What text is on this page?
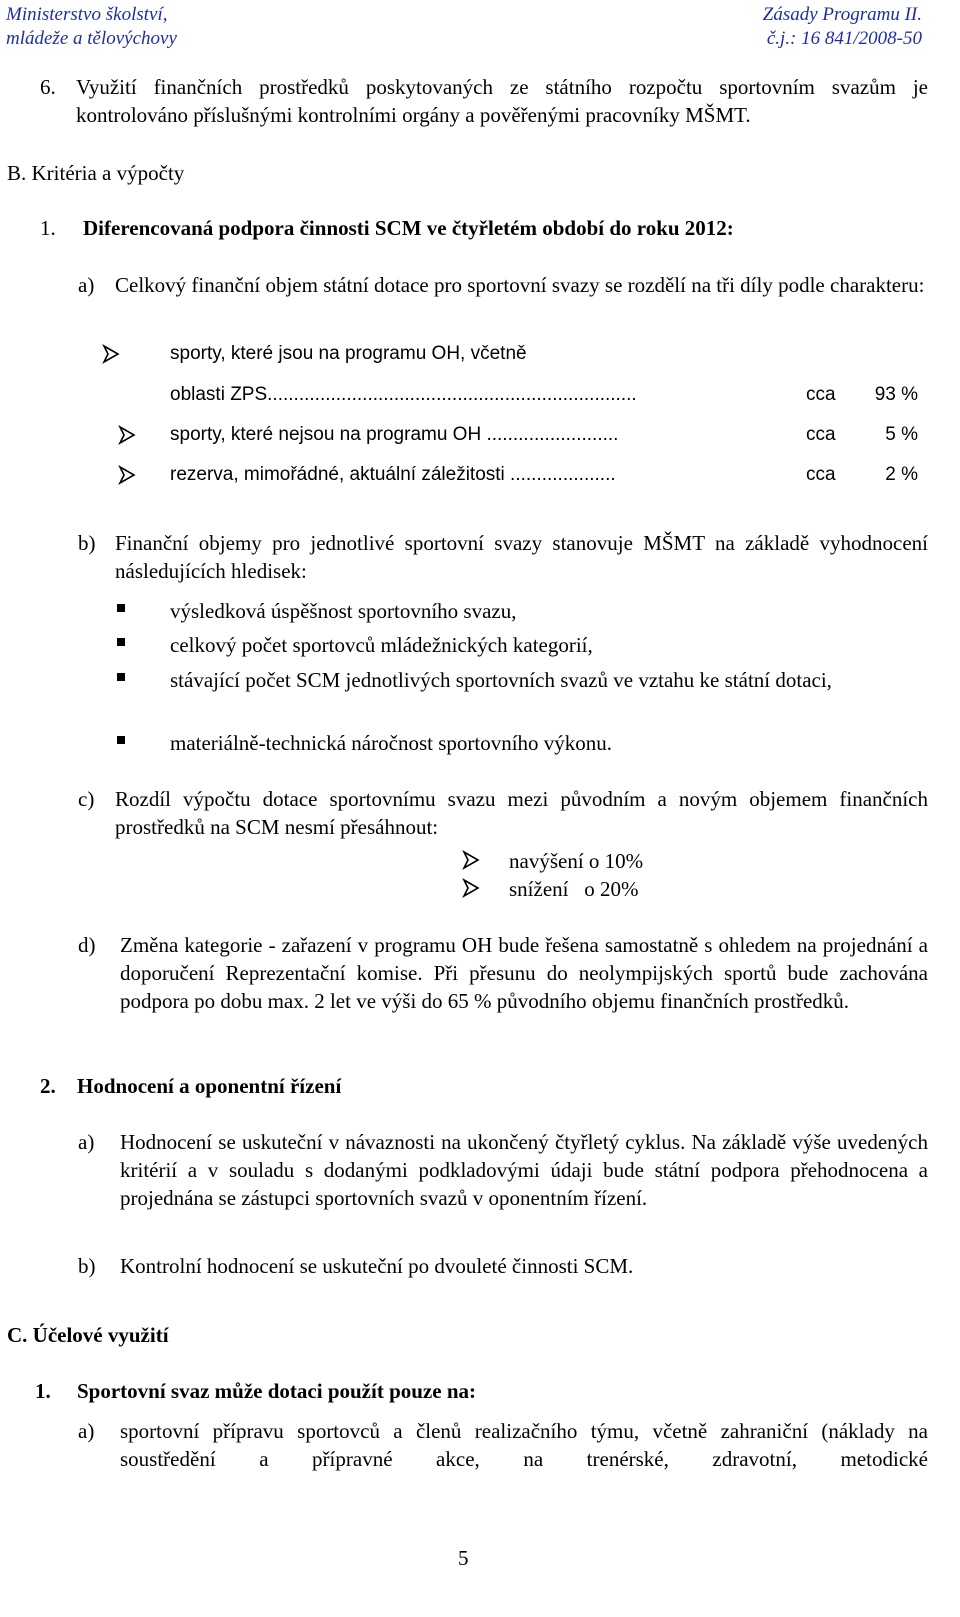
Ministerstvo školství,
mládeže a tělovýchovy
Zásady Programu II.
č.j.: 16 841/2008-50
6. Využití finančních prostředků poskytovaných ze státního rozpočtu sportovním svazům je kontrolováno příslušnými kontrolními orgány a pověřenými pracovníky MŠMT.
B. Kritéria a výpočty
1. Diferencovaná podpora činnosti SCM ve čtyřletém období do roku 2012:
a) Celkový finanční objem státní dotace pro sportovní svazy se rozdělí na tři díly podle charakteru:
sporty, které jsou na programu OH, včetně
oblasti ZPS......................................................................	cca	93 %
sporty, které nejsou na programu OH .........................	cca	5 %
rezerva, mimořádné, aktuální záležitosti ....................	cca	2 %
b) Finanční objemy pro jednotlivé sportovní svazy stanovuje MŠMT na základě vyhodnocení následujících hledisek:
výsledková úspěšnost sportovního svazu,
celkový počet sportovců mládežnických kategorií,
stávající počet SCM jednotlivých sportovních svazů ve vztahu ke státní dotaci,
materiálně-technická náročnost sportovního výkonu.
c) Rozdíl výpočtu dotace sportovnímu svazu mezi původním a novým objemem finančních prostředků na SCM nesmí přesáhnout:
navýšení o 10%
snížení   o 20%
d) Změna kategorie - zařazení v programu OH bude řešena samostatně s ohledem na projednání a doporučení Reprezentační komise. Při přesunu do neolympijských sportů bude zachována podpora po dobu max. 2 let ve výši do 65 % původního objemu finančních prostředků.
2. Hodnocení a oponentní řízení
a) Hodnocení se uskuteční v návaznosti na ukončený čtyřletý cyklus. Na základě výše uvedených kritérií a v souladu s dodanými podkladovými údaji bude státní podpora přehodnocena a projednána se zástupci sportovních svazů v oponentním řízení.
b) Kontrolní hodnocení se uskuteční po dvouleté činnosti SCM.
C. Účelové využití
1. Sportovní svaz může dotaci použít pouze na:
a) sportovní přípravu sportovců a členů realizačního týmu, včetně zahraniční (náklady na soustředění a přípravné akce, na trenérské, zdravotní, metodické
5
